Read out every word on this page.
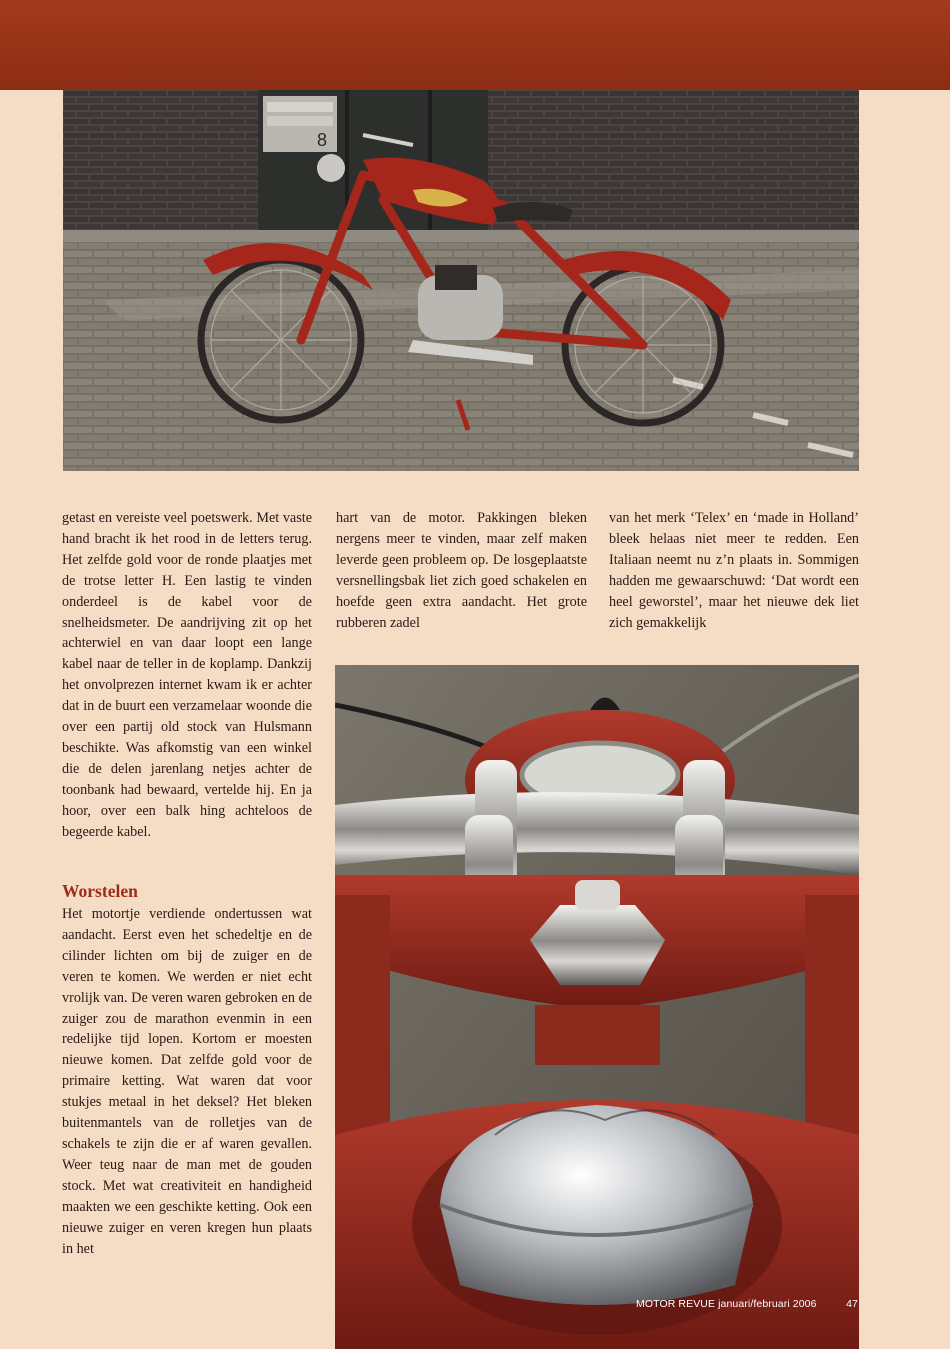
8

getast en vereiste veel poetswerk. Met vaste hand bracht ik het rood in de letters terug. Het zelfde gold voor de ronde plaatjes met de trotse letter H. Een lastig te vinden onderdeel is de kabel voor de snelheidsmeter. De aandrijving zit op het achterwiel en van daar loopt een lange kabel naar de teller in de koplamp. Dankzij het onvolprezen internet kwam ik er achter dat in de buurt een verzamelaar woonde die over een partij old stock van Hulsmann beschikte. Was afkomstig van een winkel die de delen jarenlang netjes achter de toonbank had bewaard, vertelde hij. En ja hoor, over een balk hing achteloos de begeerde kabel.

Worstelen

Het motortje verdiende ondertussen wat aandacht. Eerst even het schedeltje en de cilinder lichten om bij de zuiger en de veren te komen. We werden er niet echt vrolijk van. De veren waren gebroken en de zuiger zou de marathon evenmin in een redelijke tijd lopen. Kortom er moesten nieuwe komen. Dat zelfde gold voor de primaire ketting. Wat waren dat voor stukjes metaal in het deksel? Het bleken buitenmantels van de rolletjes van de schakels te zijn die er af waren gevallen. Weer teug naar de man met de gouden stock. Met wat creativiteit en handigheid maakten we een geschikte ketting. Ook een nieuwe zuiger en veren kregen hun plaats in het

hart van de motor. Pakkingen bleken nergens meer te vinden, maar zelf maken leverde geen probleem op. De losgeplaatste versnellingsbak liet zich goed schakelen en hoefde geen extra aandacht. Het grote rubberen zadel

van het merk ‘Telex’ en ‘made in Holland’ bleek helaas niet meer te redden. Een Italiaan neemt nu z’n plaats in. Sommigen hadden me gewaarschuwd: ‘Dat wordt een heel geworstel’, maar het nieuwe dek liet zich gemakkelijk

MOTOR REVUE januari/februari 2006	47
